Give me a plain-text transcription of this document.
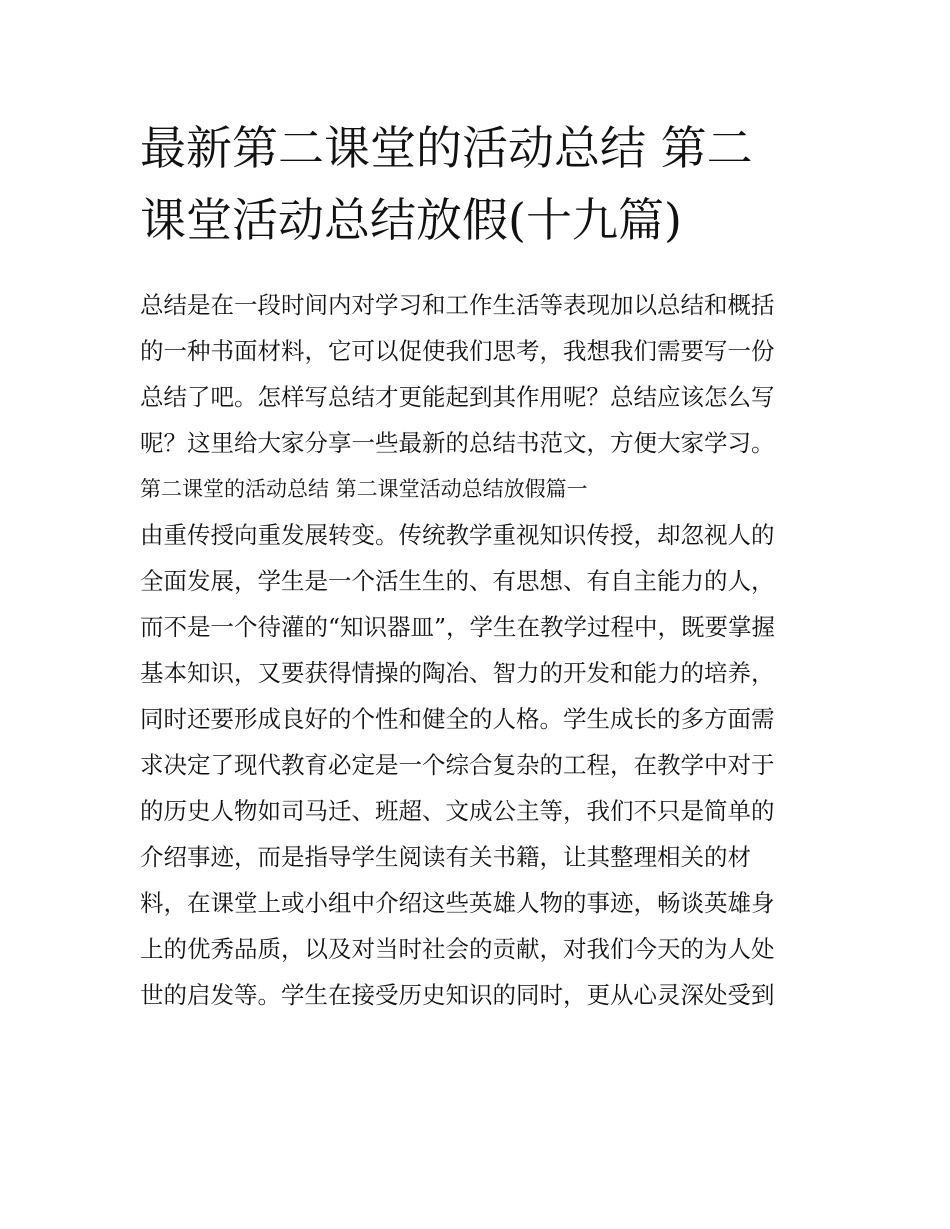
最新第二课堂的活动总结 第二
课堂活动总结放假(十九篇)
总结是在一段时间内对学习和工作生活等表现加以总结和概括
的一种书面材料，它可以促使我们思考，我想我们需要写一份
总结了吧。怎样写总结才更能起到其作用呢？总结应该怎么写
呢？这里给大家分享一些最新的总结书范文，方便大家学习。
第二课堂的活动总结 第二课堂活动总结放假篇一
由重传授向重发展转变。传统教学重视知识传授，却忽视人的
全面发展，学生是一个活生生的、有思想、有自主能力的人，
而不是一个待灌的“知识器皿”，学生在教学过程中，既要掌握
基本知识，又要获得情操的陶冶、智力的开发和能力的培养，
同时还要形成良好的个性和健全的人格。学生成长的多方面需
求决定了现代教育必定是一个综合复杂的工程，在教学中对于
的历史人物如司马迁、班超、文成公主等，我们不只是简单的
介绍事迹，而是指导学生阅读有关书籍，让其整理相关的材
料，在课堂上或小组中介绍这些英雄人物的事迹，畅谈英雄身
上的优秀品质，以及对当时社会的贡献，对我们今天的为人处
世的启发等。学生在接受历史知识的同时，更从心灵深处受到
